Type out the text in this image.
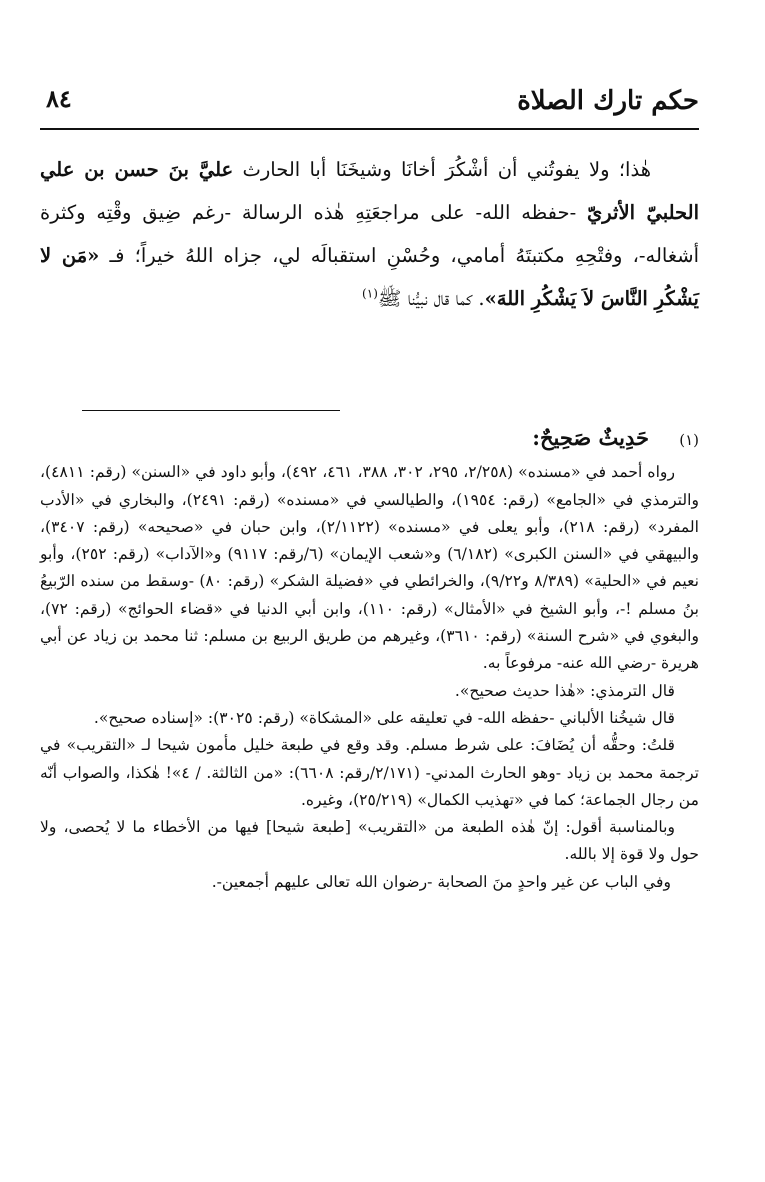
حكم تارك الصلاة
٨٤

هٰذا؛ ولا يفوتُني أن أشْكُرَ أخانَا وشيخَنَا أبا الحارث عليَّ بنَ حسن بن علي الحلبيّ الأثريّ -حفظه الله- على مراجعَتِهِ هٰذه الرسالة -رغم ضِيق وقْتِه وكثرة أشغاله-، وفتْحِهِ مكتبتَهُ أمامي، وحُسْنِ استقبالَه لي، جزاه اللهُ خيراً؛ فـ «مَن لا يَشْكُرِ النَّاسَ لاَ يَشْكُرِ اللهَ». كما قال نبيُّنا ﷺ$^{(١)}$

(١)حَدِيثٌ صَحِيحٌ:

رواه أحمد في «مسنده» (٢/٢٥٨، ٢٩٥، ٣٠٢، ٣٨٨، ٤٦١، ٤٩٢)، وأبو داود في «السنن» (رقم: ٤٨١١)، والترمذي في «الجامع» (رقم: ١٩٥٤)، والطيالسي في «مسنده» (رقم: ٢٤٩١)، والبخاري في «الأدب المفرد» (رقم: ٢١٨)، وأبو يعلى في «مسنده» (٢/١١٢٢)، وابن حبان في «صحيحه» (رقم: ٣٤٠٧)، والبيهقي في «السنن الكبرى» (٦/١٨٢) و«شعب الإيمان» (٦/رقم: ٩١١٧) و«الآداب» (رقم: ٢٥٢)، وأبو نعيم في «الحلية» (٨/٣٨٩ و٩/٢٢)، والخرائطي في «فضيلة الشكر» (رقم: ٨٠) -وسقط من سنده الرّبيعُ بنُ مسلم !-، وأبو الشيخ في «الأمثال» (رقم: ١١٠)، وابن أبي الدنيا في «قضاء الحوائج» (رقم: ٧٢)، والبغوي في «شرح السنة» (رقم: ٣٦١٠)، وغيرهم من طريق الربيع بن مسلم: ثنا محمد بن زياد عن أبي هريرة -رضي الله عنه- مرفوعاً به.

قال الترمذي: «هٰذا حديث صحيح».

قال شيخُنا الألباني -حفظه الله- في تعليقه على «المشكاة» (رقم: ٣٠٢٥): «إسناده صحيح».

قلتُ: وحقُّه أن يُضَافَ: على شرط مسلم. وقد وقع في طبعة خليل مأمون شيحا لـ «التقريب» في ترجمة محمد بن زياد -وهو الحارث المدني- (٢/١٧١/رقم: ٦٦٠٨): «من الثالثة. / ٤»! هٰكذا، والصواب أنّه من رجال الجماعة؛ كما في «تهذيب الكمال» (٢٥/٢١٩)، وغيره.

وبالمناسبة أقول: إنّ هٰذه الطبعة من «التقريب» [طبعة شيحا] فيها من الأخطاء ما لا يُحصى، ولا حول ولا قوة إلا بالله.

وفي الباب عن غير واحدٍ منَ الصحابة -رضوان الله تعالى عليهم أجمعين-.
